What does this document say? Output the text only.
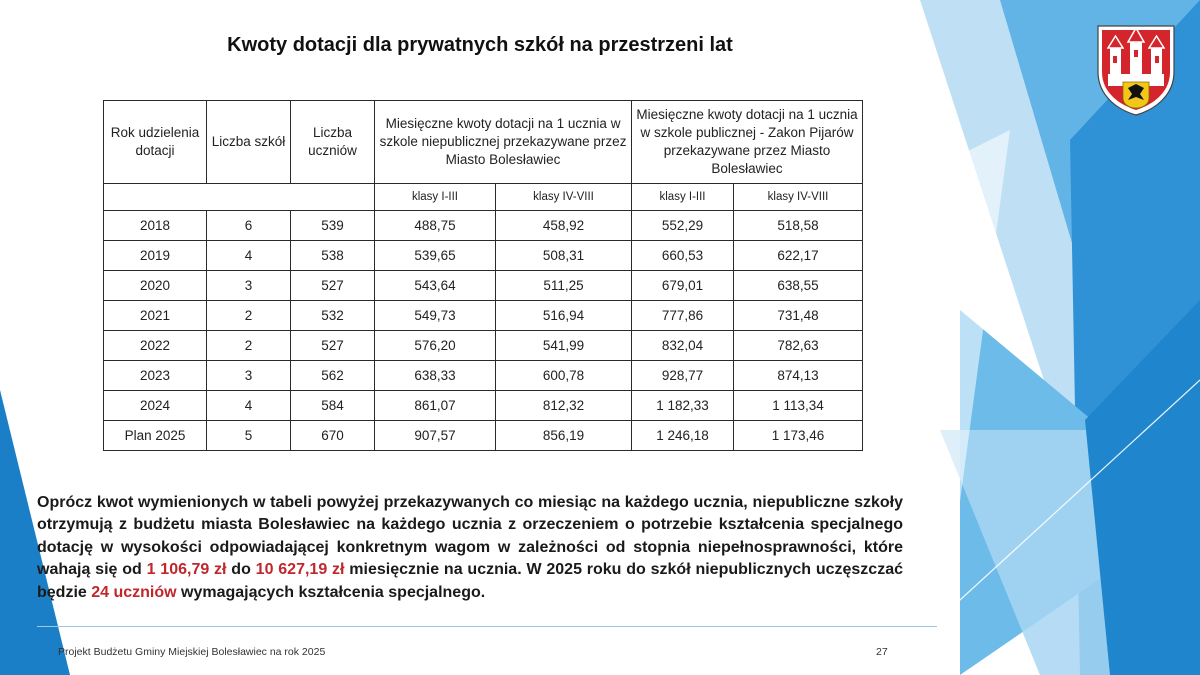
Kwoty dotacji dla prywatnych szkół na przestrzeni lat
Rok udzielenia dotacji	Liczba szkół	Liczba uczniów	Miesięczne kwoty dotacji na 1 ucznia w szkole niepublicznej przekazywane przez Miasto Bolesławiec		Miesięczne kwoty dotacji na 1 ucznia w szkole publicznej - Zakon Pijarów przekazywane przez Miasto Bolesławiec	
			klasy I-III	klasy IV-VIII	klasy I-III	klasy IV-VIII
2018	6	539	488,75	458,92	552,29	518,58
2019	4	538	539,65	508,31	660,53	622,17
2020	3	527	543,64	511,25	679,01	638,55
2021	2	532	549,73	516,94	777,86	731,48
2022	2	527	576,20	541,99	832,04	782,63
2023	3	562	638,33	600,78	928,77	874,13
2024	4	584	861,07	812,32	1 182,33	1 113,34
Plan 2025	5	670	907,57	856,19	1 246,18	1 173,46
Oprócz kwot wymienionych w tabeli powyżej przekazywanych co miesiąc na każdego ucznia, niepubliczne szkoły otrzymują z budżetu miasta Bolesławiec na każdego ucznia z orzeczeniem o potrzebie kształcenia specjalnego dotację w wysokości odpowiadającej konkretnym wagom w zależności od stopnia niepełnosprawności, które wahają się od 1 106,79 zł do 10 627,19 zł miesięcznie na ucznia. W 2025 roku do szkół niepublicznych uczęszczać będzie 24 uczniów wymagających kształcenia specjalnego.
Projekt Budżetu Gminy Miejskiej Bolesławiec na rok 2025	27
